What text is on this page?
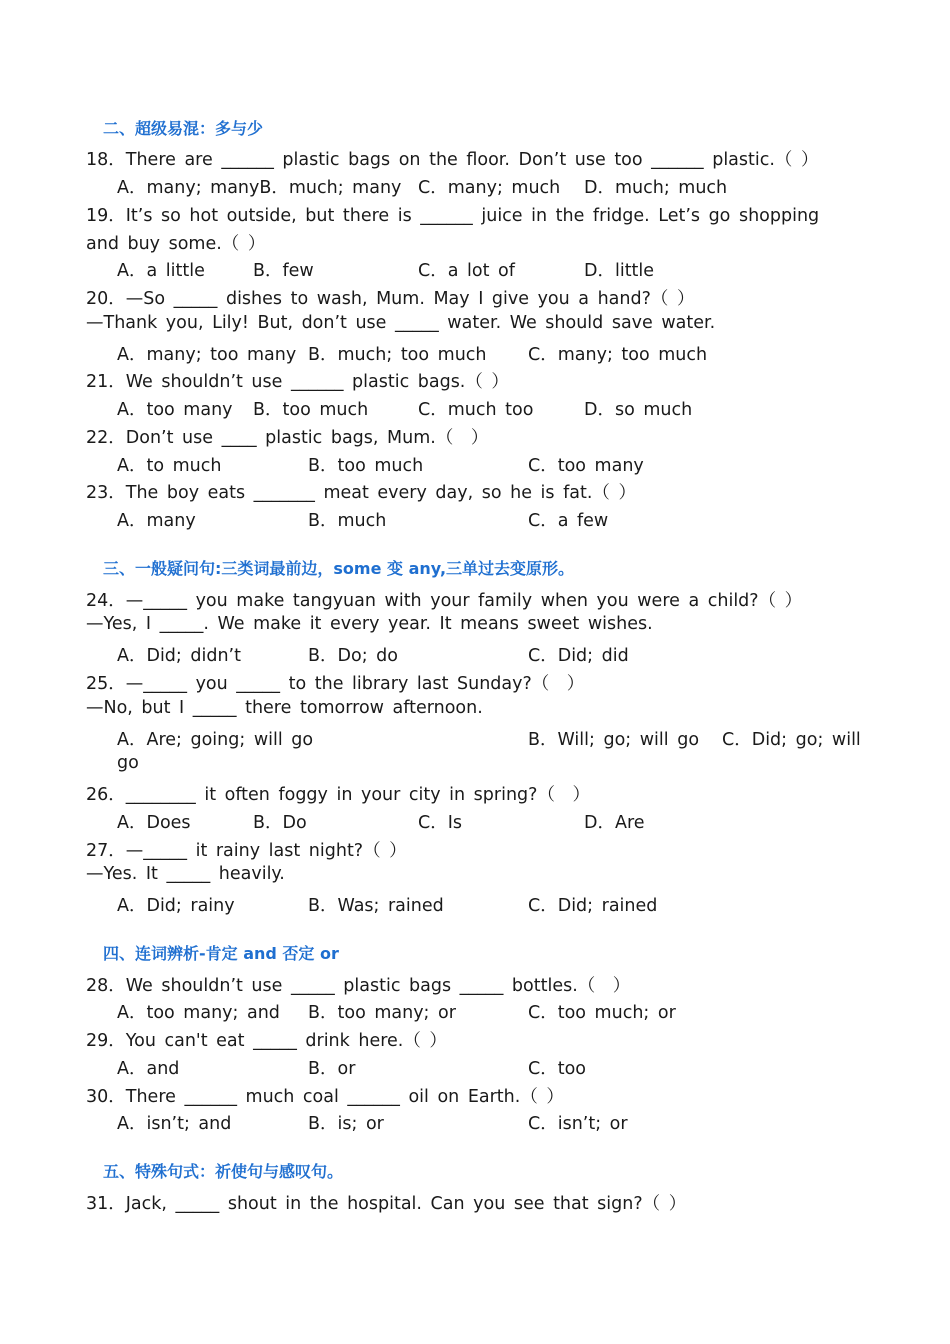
二、超级易混：多与少
18．There are ______ plastic bags on the floor. Don’t use too ______ plastic.（ ）
A．many; manyB．much; many C．many; much D．much; much
19．It’s so hot outside, but there is ______ juice in the fridge. Let’s go shopping
and buy some.（ ）
A．a little	B．few	C．a lot of	D．little
20．—So _____ dishes to wash, Mum. May I give you a hand?（ ）
—Thank you, Lily! But, don’t use _____ water. We should save water.
A．many; too many B．much; too much C．many; too much
21．We shouldn’t use ______ plastic bags.（ ）
A．too many B．too much	C．much too	D．so much
22．Don’t use ____ plastic bags, Mum.（　）
A．to much	B．too much	C．too many
23．The boy eats _______ meat every day, so he is fat.（ ）
A．many	B．much	C．a few
三、一般疑问句:三类词最前边，some 变 any,三单过去变原形。
24．—_____ you make tangyuan with your family when you were a child?（ ）
—Yes, I _____. We make it every year. It means sweet wishes.
A．Did; didn’t	B．Do; do	C．Did; did
25．—_____ you _____ to the library last Sunday?（　）
—No, but I _____ there tomorrow afternoon.
A．Are; going; will go	B．Will; go; will go C．Did; go; will
go
26．________ it often foggy in your city in spring?（　）
A．Does	B．Do	C．Is	D．Are
27．—_____ it rainy last night?（ ）
—Yes. It _____ heavily.
A．Did; rainy	B．Was; rained	C．Did; rained
四、连词辨析-肯定 and 否定 or
28．We shouldn’t use _____ plastic bags _____ bottles.（　）
A．too many; and B．too many; or	C．too much; or
29．You can't eat _____ drink here.（ ）
A．and	B．or	C．too
30．There ______ much coal ______ oil on Earth.（ ）
A．isn’t; and	B．is; or	C．isn’t; or
五、特殊句式：祈使句与感叹句。
31．Jack, _____ shout in the hospital. Can you see that sign?（ ）
